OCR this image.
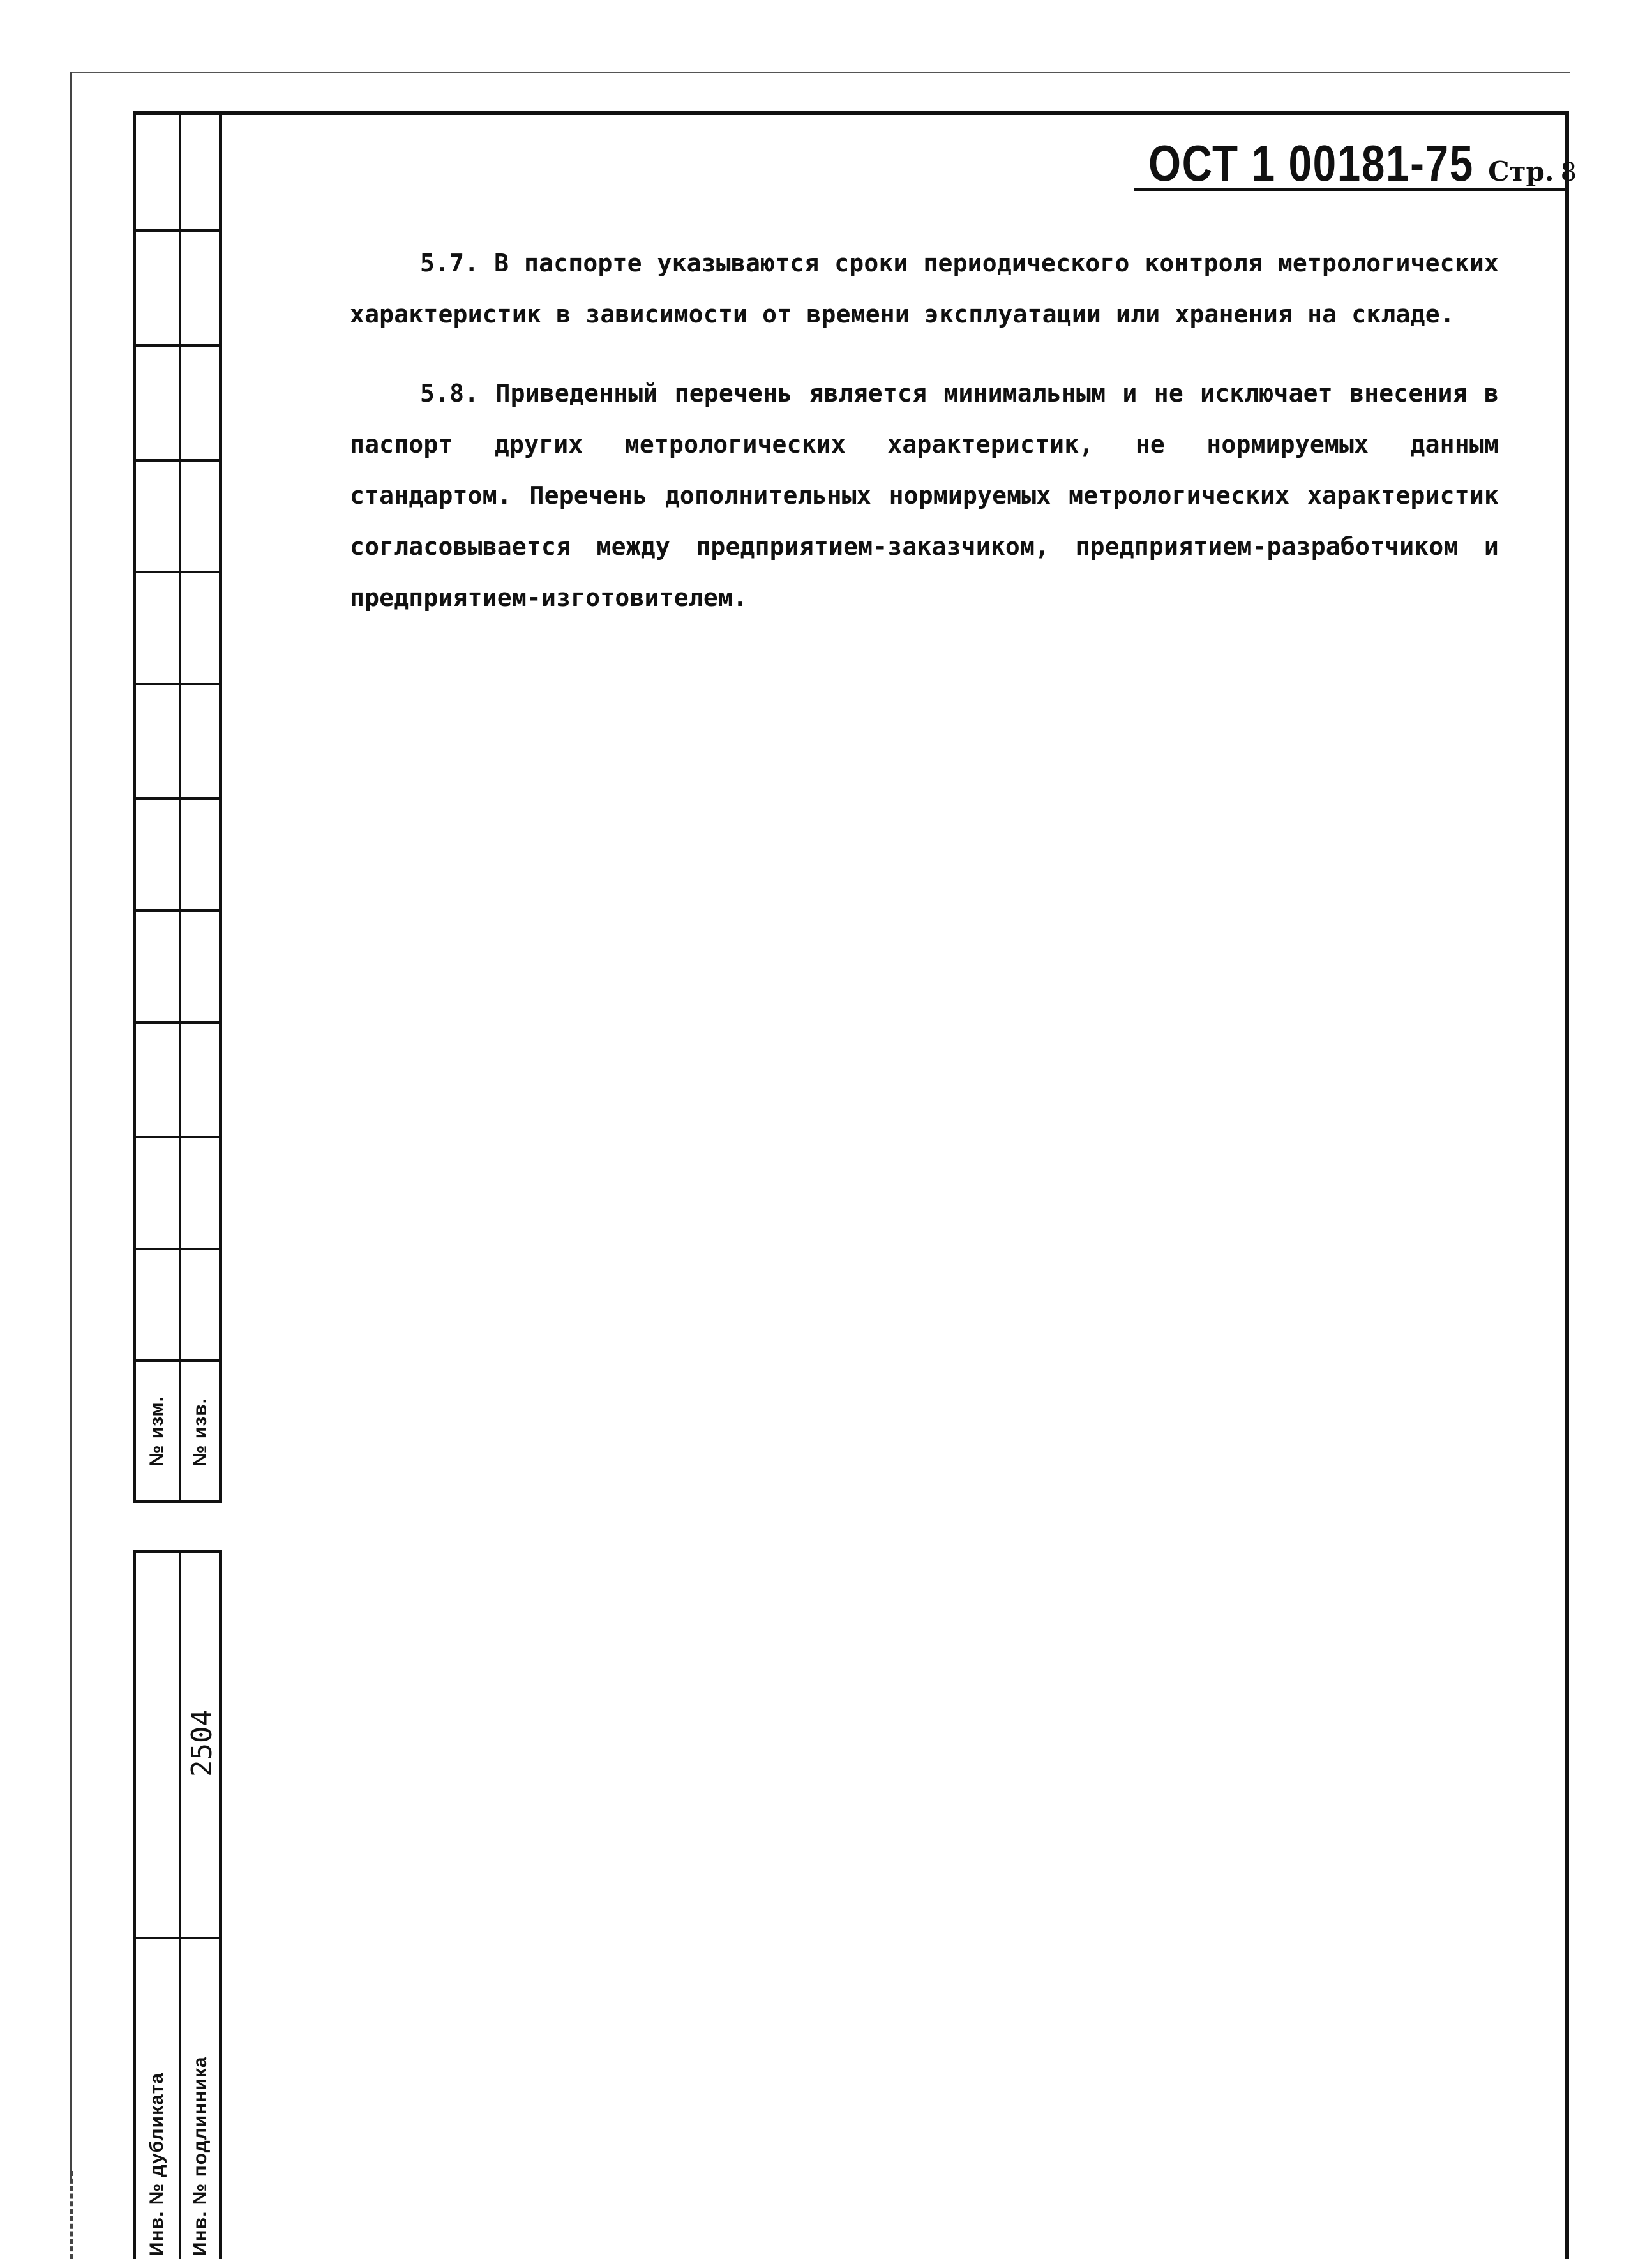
№ изм. № изв.
2504
Инв. № дубликата Инв. № подлинника
ОСТ 1 00181-75 Стр. 8

5.7. В паспорте указываются сроки периодического контроля метрологических характеристик в зависимости от времени эксплуатации или хранения на складе.

5.8. Приведенный перечень является минимальным и не исключает внесения в паспорт других метрологических характеристик, не нормируемых данным стандартом. Перечень дополнительных нормируемых метрологических характеристик согласовывается между предприятием-заказчиком, предприятием-разработчиком и предприятием-изготовителем.
